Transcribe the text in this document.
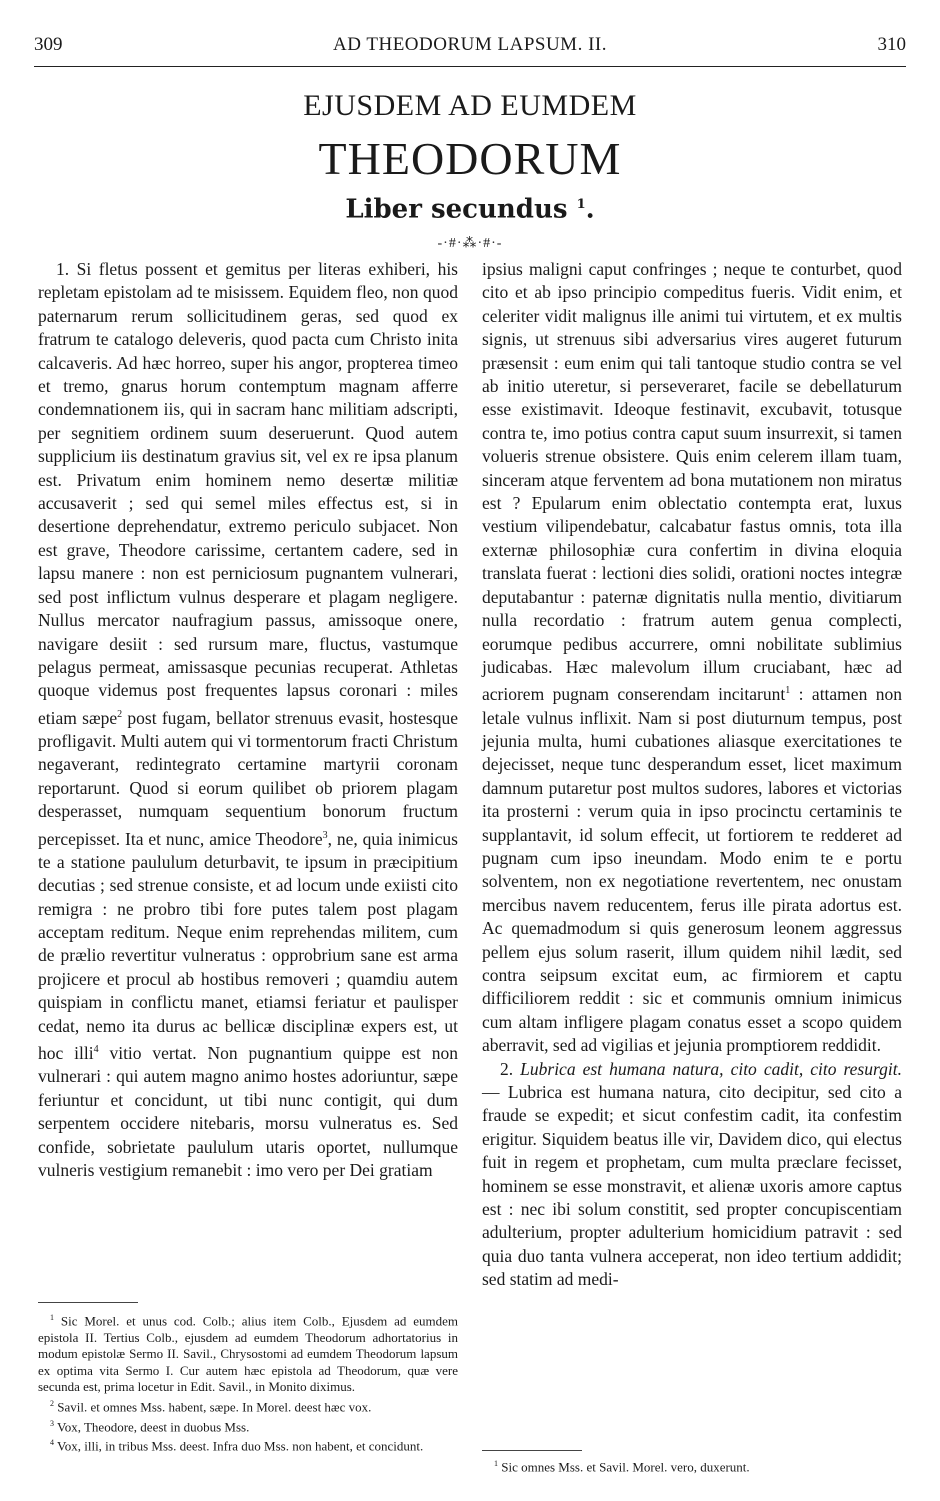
309	AD THEODORUM LAPSUM. II.	310
EJUSDEM AD EUMDEM
THEODORUM
Liber secundus $^1$.
-·#·⁂·#·-

1. Si fletus possent et gemitus per literas exhiberi, his repletam epistolam ad te misissem. Equidem fleo, non quod paternarum rerum sollicitudinem geras, sed quod ex fratrum te catalogo deleveris, quod pacta cum Christo inita calcaveris. Ad hæc horreo, super his angor, propterea timeo et tremo, gnarus horum contemptum magnam afferre condemnationem iis, qui in sacram hanc militiam adscripti, per segnitiem ordinem suum deseruerunt. Quod autem supplicium iis destinatum gravius sit, vel ex re ipsa planum est. Privatum enim hominem nemo desertæ militiæ accusaverit ; sed qui semel miles effectus est, si in desertione deprehendatur, extremo periculo subjacet. Non est grave, Theodore carissime, certantem cadere, sed in lapsu manere : non est perniciosum pugnantem vulnerari, sed post inflictum vulnus desperare et plagam negligere. Nullus mercator naufragium passus, amissoque onere, navigare desiit : sed rursum mare, fluctus, vastumque pelagus permeat, amissasque pecunias recuperat. Athletas quoque videmus post frequentes lapsus coronari : miles etiam sæpe$^2$ post fugam, bellator strenuus evasit, hostesque profligavit. Multi autem qui vi tormentorum fracti Christum negaverant, redintegrato certamine martyrii coronam reportarunt. Quod si eorum quilibet ob priorem plagam desperasset, numquam sequentium bonorum fructum percepisset. Ita et nunc, amice Theodore$^3$, ne, quia inimicus te a statione paululum deturbavit, te ipsum in præcipitium decutias ; sed strenue consiste, et ad locum unde exiisti cito remigra : ne probro tibi fore putes talem post plagam acceptam reditum. Neque enim reprehendas militem, cum de prælio revertitur vulneratus : opprobrium sane est arma projicere et procul ab hostibus removeri ; quamdiu autem quispiam in conflictu manet, etiamsi feriatur et paulisper cedat, nemo ita durus ac bellicæ disciplinæ expers est, ut hoc illi$^4$ vitio vertat. Non pugnantium quippe est non vulnerari : qui autem magno animo hostes adoriuntur, sæpe feriuntur et concidunt, ut tibi nunc contigit, qui dum serpentem occidere nitebaris, morsu vulneratus es. Sed confide, sobrietate paululum utaris oportet, nullumque vulneris vestigium remanebit : imo vero per Dei gratiam

ipsius maligni caput confringes ; neque te conturbet, quod cito et ab ipso principio compeditus fueris. Vidit enim, et celeriter vidit malignus ille animi tui virtutem, et ex multis signis, ut strenuus sibi adversarius vires augeret futurum præsensit : eum enim qui tali tantoque studio contra se vel ab initio uteretur, si perseveraret, facile se debellaturum esse existimavit. Ideoque festinavit, excubavit, totusque contra te, imo potius contra caput suum insurrexit, si tamen volueris strenue obsistere. Quis enim celerem illam tuam, sinceram atque ferventem ad bona mutationem non miratus est ? Epularum enim oblectatio contempta erat, luxus vestium vilipendebatur, calcabatur fastus omnis, tota illa externæ philosophiæ cura confertim in divina eloquia translata fuerat : lectioni dies solidi, orationi noctes integræ deputabantur : paternæ dignitatis nulla mentio, divitiarum nulla recordatio : fratrum autem genua complecti, eorumque pedibus accurrere, omni nobilitate sublimius judicabas. Hæc malevolum illum cruciabant, hæc ad acriorem pugnam conserendam incitarunt$^1$ : attamen non letale vulnus inflixit. Nam si post diuturnum tempus, post jejunia multa, humi cubationes aliasque exercitationes te dejecisset, neque tunc desperandum esset, licet maximum damnum putaretur post multos sudores, labores et victorias ita prosterni : verum quia in ipso procinctu certaminis te supplantavit, id solum effecit, ut fortiorem te redderet ad pugnam cum ipso ineundam. Modo enim te e portu solventem, non ex negotiatione revertentem, nec onustam mercibus navem reducentem, ferus ille pirata adortus est. Ac quemadmodum si quis generosum leonem aggressus pellem ejus solum raserit, illum quidem nihil lædit, sed contra seipsum excitat eum, ac firmiorem et captu difficiliorem reddit : sic et communis omnium inimicus cum altam infligere plagam conatus esset a scopo quidem aberravit, sed ad vigilias et jejunia promptiorem reddidit.

2. Lubrica est humana natura, cito cadit, cito resurgit. — Lubrica est humana natura, cito decipitur, sed cito a fraude se expedit; et sicut confestim cadit, ita confestim erigitur. Siquidem beatus ille vir, Davidem dico, qui electus fuit in regem et prophetam, cum multa præclare fecisset, hominem se esse monstravit, et alienæ uxoris amore captus est : nec ibi solum constitit, sed propter concupiscentiam adulterium, propter adulterium homicidium patravit : sed quia duo tanta vulnera acceperat, non ideo tertium addidit; sed statim ad medi-

$^1$ Sic Morel. et unus cod. Colb.; alius item Colb., Ejusdem ad eumdem epistola II. Tertius Colb., ejusdem ad eumdem Theodorum adhortatorius in modum epistolæ Sermo II. Savil., Chrysostomi ad eumdem Theodorum lapsum ex optima vita Sermo I. Cur autem hæc epistola ad Theodorum, quæ vere secunda est, prima locetur in Edit. Savil., in Monito diximus.

$^2$ Savil. et omnes Mss. habent, sæpe. In Morel. deest hæc vox.

$^3$ Vox, Theodore, deest in duobus Mss.

$^4$ Vox, illi, in tribus Mss. deest. Infra duo Mss. non habent, et concidunt.

$^1$ Sic omnes Mss. et Savil. Morel. vero, duxerunt.
